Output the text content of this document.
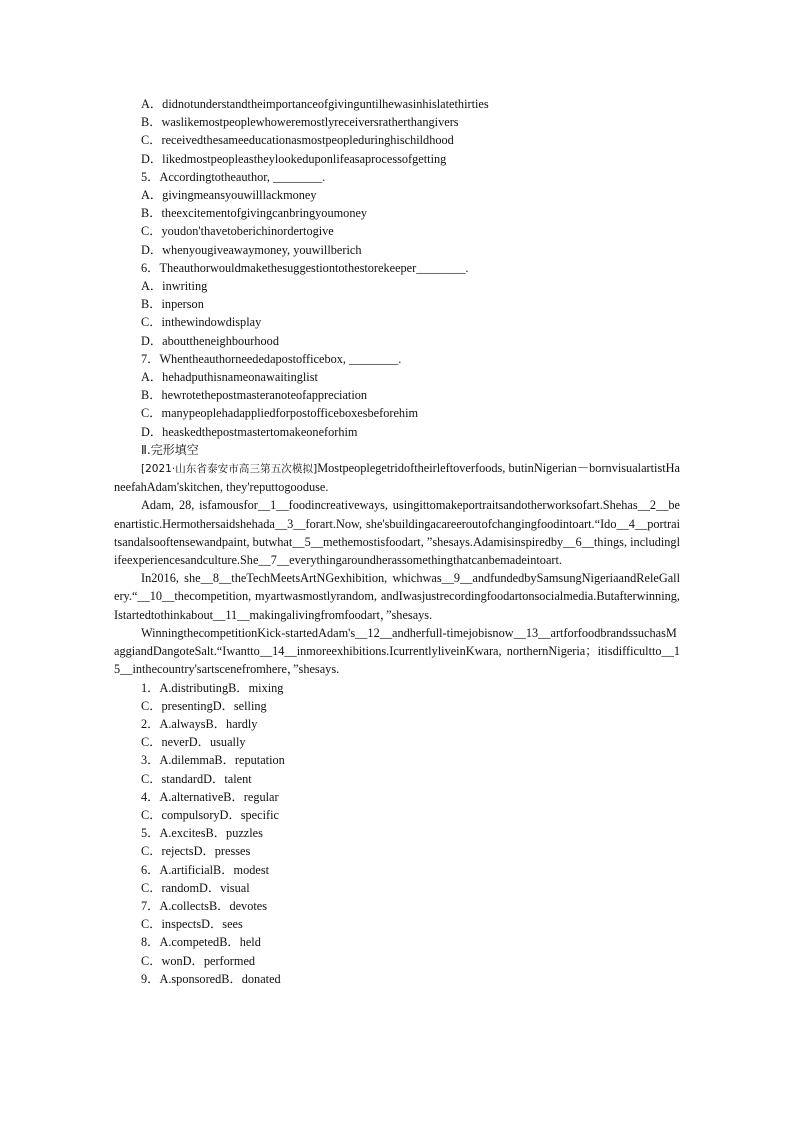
A．didnotunderstandtheimportanceofgivinguntilhewasinhislatethirties
B．waslikemostpeoplewhoweremostlyreceiversratherthangivers
C．receivedthesameeducationasmostpeopleduringhischildhood
D．likedmostpeopleastheylookeduponlifeasaprocessofgetting
5．Accordingtotheauthor, ________.
A．givingmeansyouwilllackmoney
B．theexcitementofgivingcanbringyoumoney
C．youdon'thavetoberichinordertogive
D．whenyougiveawaymoney, youwillberich
6．Theauthorwouldmakethesuggestiontothestorekeeper________.
A．inwriting
B．inperson
C．inthewindowdisplay
D．abouttheneighbourhood
7．Whentheauthorneededapostofficebox, ________.
A．hehadputhisnameonawaitinglist
B．hewrotethepostmasteranoteofappreciation
C．manypeoplehadappliedforpostofficeboxesbeforehim
D．heaskedthepostmastertomakeoneforhim
Ⅱ.完形填空
[2021·山东省泰安市高三第五次模拟]Mostpeoplegetridoftheirleftoverfoods, butinNigerian－bornvisualartistHaneefahAdam'skitchen, they'reputtogooduse.
Adam, 28, isfamousfor__1__foodincreativeways, usingittomakeportraitsandotherworksofart.Shehas__2__beenartistic.Hermothersaidshehada__3__forart.Now, she'sbuildingacareeroutofchangingfoodintoart.“Ido__4__portraitsandalsooftensewandpaint, butwhat__5__methemostisfoodart, ”shesays.Adamisinspiredby__6__things, includinglifeexperiencesandculture.She__7__everythingaroundherassomethingthatcanbemadeintoart.
In2016, she__8__theTechMeetsArtNGexhibition, whichwas__9__andfundedbySamsungNigeriaandReleGallery.“__10__thecompetition, myartwasmostlyrandom, andIwasjustrecordingfoodartonsocialmedia.Butafterwinning, Istartedtothinkabout__11__makingalivingfromfoodart，”shesays.
WinningthecompetitionKick-startedAdam's__12__andherfull-timejobisnow__13__artforfoodbrandssuchasMaggiandDangoteSalt.“Iwantto__14__inmoreexhibitions.IcurrentlyliveinKwara, northernNigeria；itisdifficultto__15__inthecountry'sartscenefromhere，”shesays.
1．A.distributingB．mixing
C．presentingD．selling
2．A.alwaysB．hardly
C．neverD．usually
3．A.dilemmaB．reputation
C．standardD．talent
4．A.alternativeB．regular
C．compulsoryD．specific
5．A.excitesB．puzzles
C．rejectsD．presses
6．A.artificialB．modest
C．randomD．visual
7．A.collectsB．devotes
C．inspectsD．sees
8．A.competedB．held
C．wonD．performed
9．A.sponsoredB．donated
